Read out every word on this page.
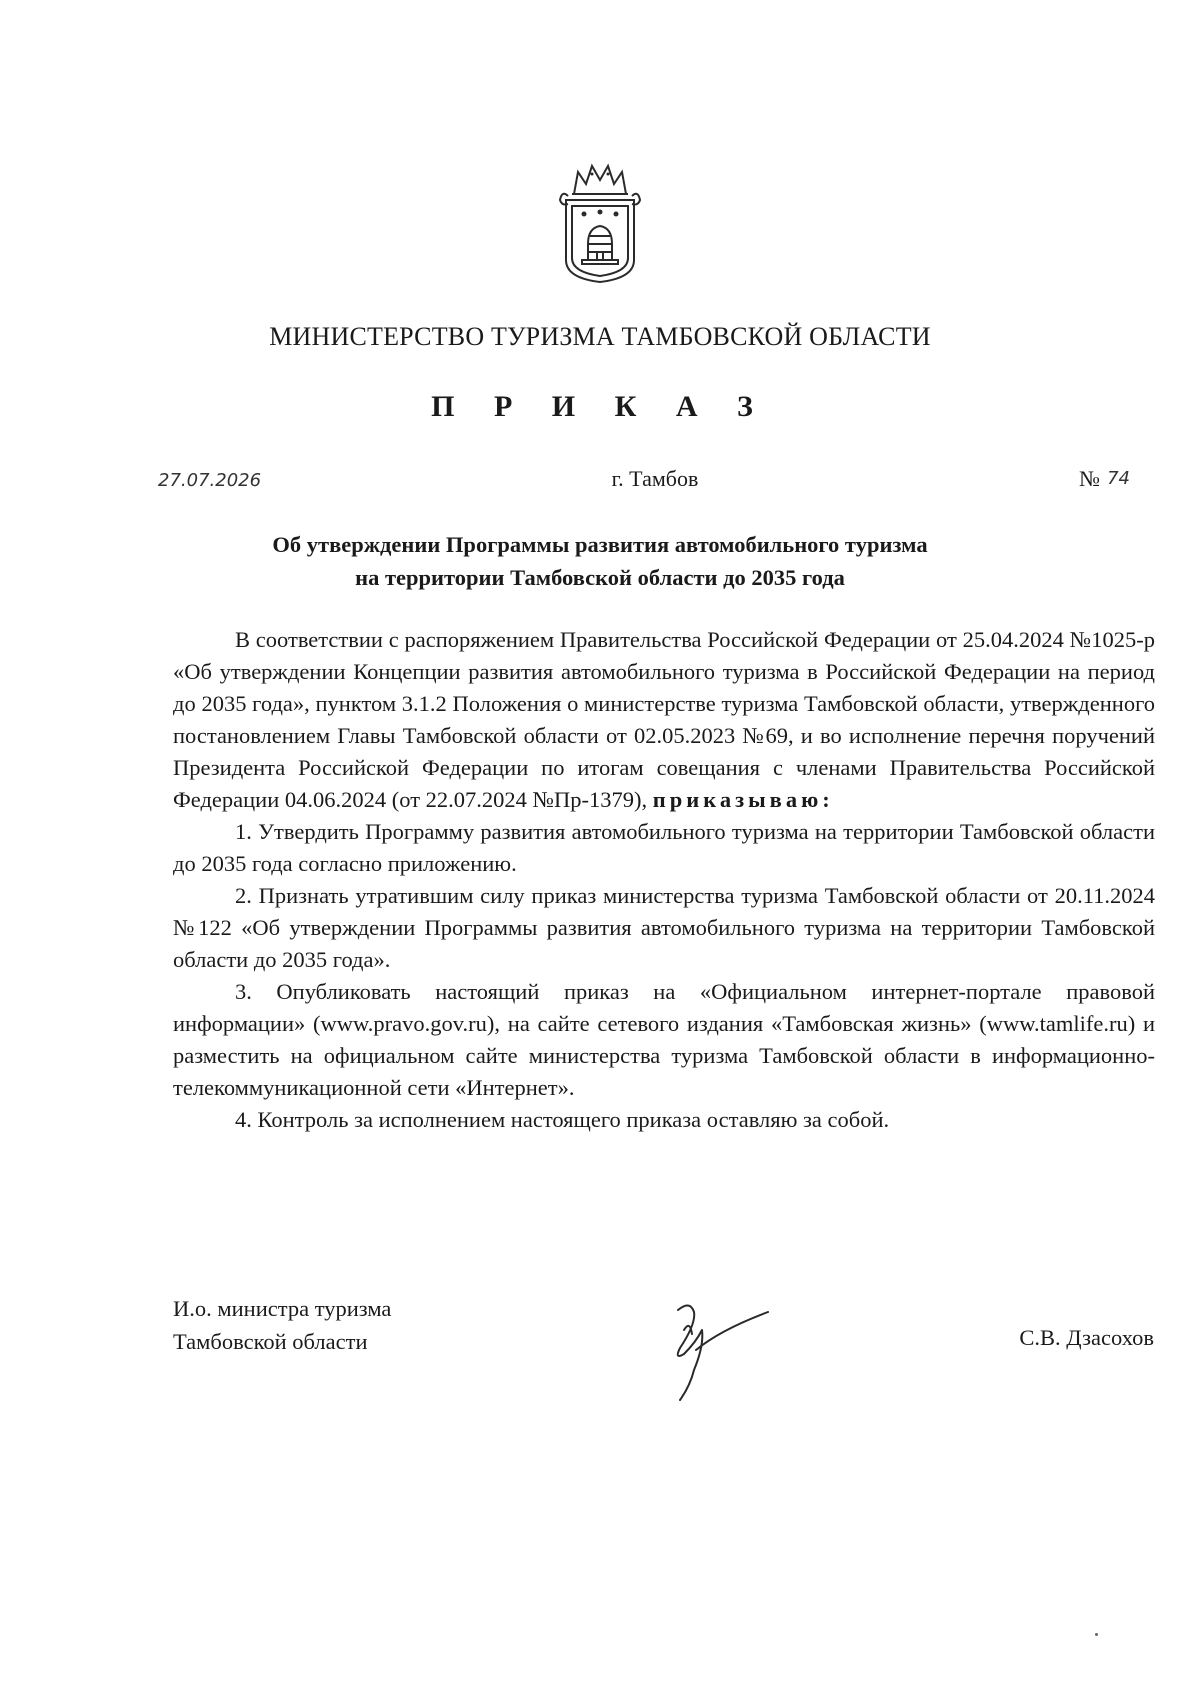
МИНИСТЕРСТВО ТУРИЗМА ТАМБОВСКОЙ ОБЛАСТИ
П Р И К А З
27.07.2026	г. Тамбов	№ 74
Об утверждении Программы развития автомобильного туризма
на территории Тамбовской области до 2035 года

В соответствии с распоряжением Правительства Российской Федерации от 25.04.2024 №1025-р «Об утверждении Концепции развития автомобильного туризма в Российской Федерации на период до 2035 года», пунктом 3.1.2 Положения о министерстве туризма Тамбовской области, утвержденного постановлением Главы Тамбовской области от 02.05.2023 №69, и во исполнение перечня поручений Президента Российской Федерации по итогам совещания с членами Правительства Российской Федерации 04.06.2024 (от 22.07.2024 №Пр-1379), приказываю:

1. Утвердить Программу развития автомобильного туризма на территории Тамбовской области до 2035 года согласно приложению.

2. Признать утратившим силу приказ министерства туризма Тамбовской области от 20.11.2024 №122 «Об утверждении Программы развития автомобильного туризма на территории Тамбовской области до 2035 года».

3. Опубликовать настоящий приказ на «Официальном интернет-портале правовой информации» (www.pravo.gov.ru), на сайте сетевого издания «Тамбовская жизнь» (www.tamlife.ru) и разместить на официальном сайте министерства туризма Тамбовской области в информационно-телекоммуникационной сети «Интернет».

4. Контроль за исполнением настоящего приказа оставляю за собой.

И.о. министра туризма
Тамбовской области	С.В. Дзасохов
